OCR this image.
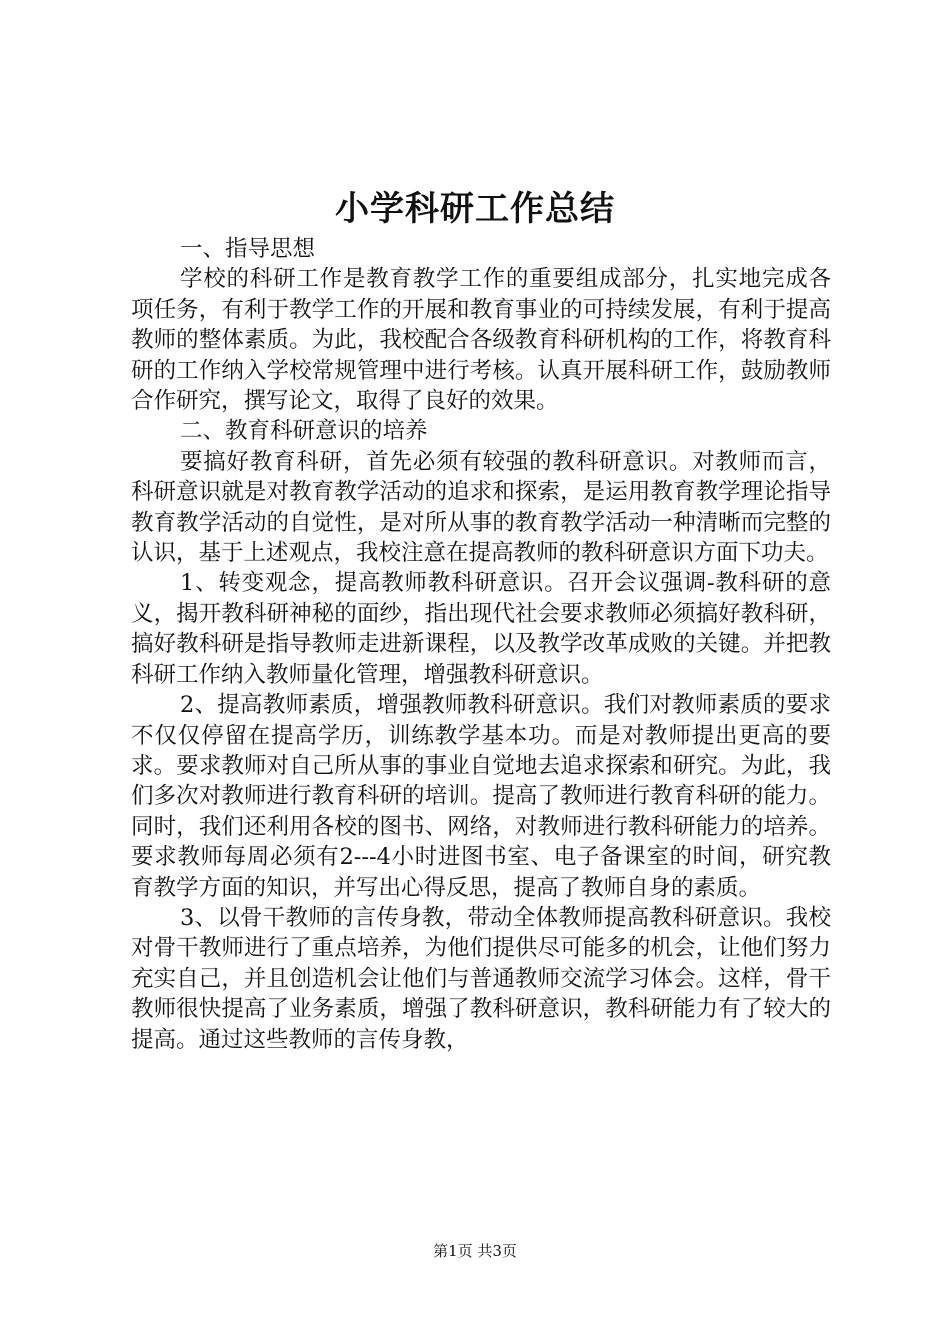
小学科研工作总结

一、指导思想

学校的科研工作是教育教学工作的重要组成部分，扎实地完成各项任务，有利于教学工作的开展和教育事业的可持续发展，有利于提高教师的整体素质。为此，我校配合各级教育科研机构的工作，将教育科研的工作纳入学校常规管理中进行考核。认真开展科研工作，鼓励教师合作研究，撰写论文，取得了良好的效果。

二、教育科研意识的培养

要搞好教育科研，首先必须有较强的教科研意识。对教师而言，科研意识就是对教育教学活动的追求和探索，是运用教育教学理论指导教育教学活动的自觉性，是对所从事的教育教学活动一种清晰而完整的认识，基于上述观点，我校注意在提高教师的教科研意识方面下功夫。

1、转变观念，提高教师教科研意识。召开会议强调-教科研的意义，揭开教科研神秘的面纱，指出现代社会要求教师必须搞好教科研，搞好教科研是指导教师走进新课程，以及教学改革成败的关键。并把教科研工作纳入教师量化管理，增强教科研意识。

2、提高教师素质，增强教师教科研意识。我们对教师素质的要求不仅仅停留在提高学历，训练教学基本功。而是对教师提出更高的要求。要求教师对自己所从事的事业自觉地去追求探索和研究。为此，我们多次对教师进行教育科研的培训。提高了教师进行教育科研的能力。同时，我们还利用各校的图书、网络，对教师进行教科研能力的培养。要求教师每周必须有2---4小时进图书室、电子备课室的时间，研究教育教学方面的知识，并写出心得反思，提高了教师自身的素质。

3、以骨干教师的言传身教，带动全体教师提高教科研意识。我校对骨干教师进行了重点培养，为他们提供尽可能多的机会，让他们努力充实自己，并且创造机会让他们与普通教师交流学习体会。这样，骨干教师很快提高了业务素质，增强了教科研意识，教科研能力有了较大的提高。通过这些教师的言传身教，

第1页 共3页
